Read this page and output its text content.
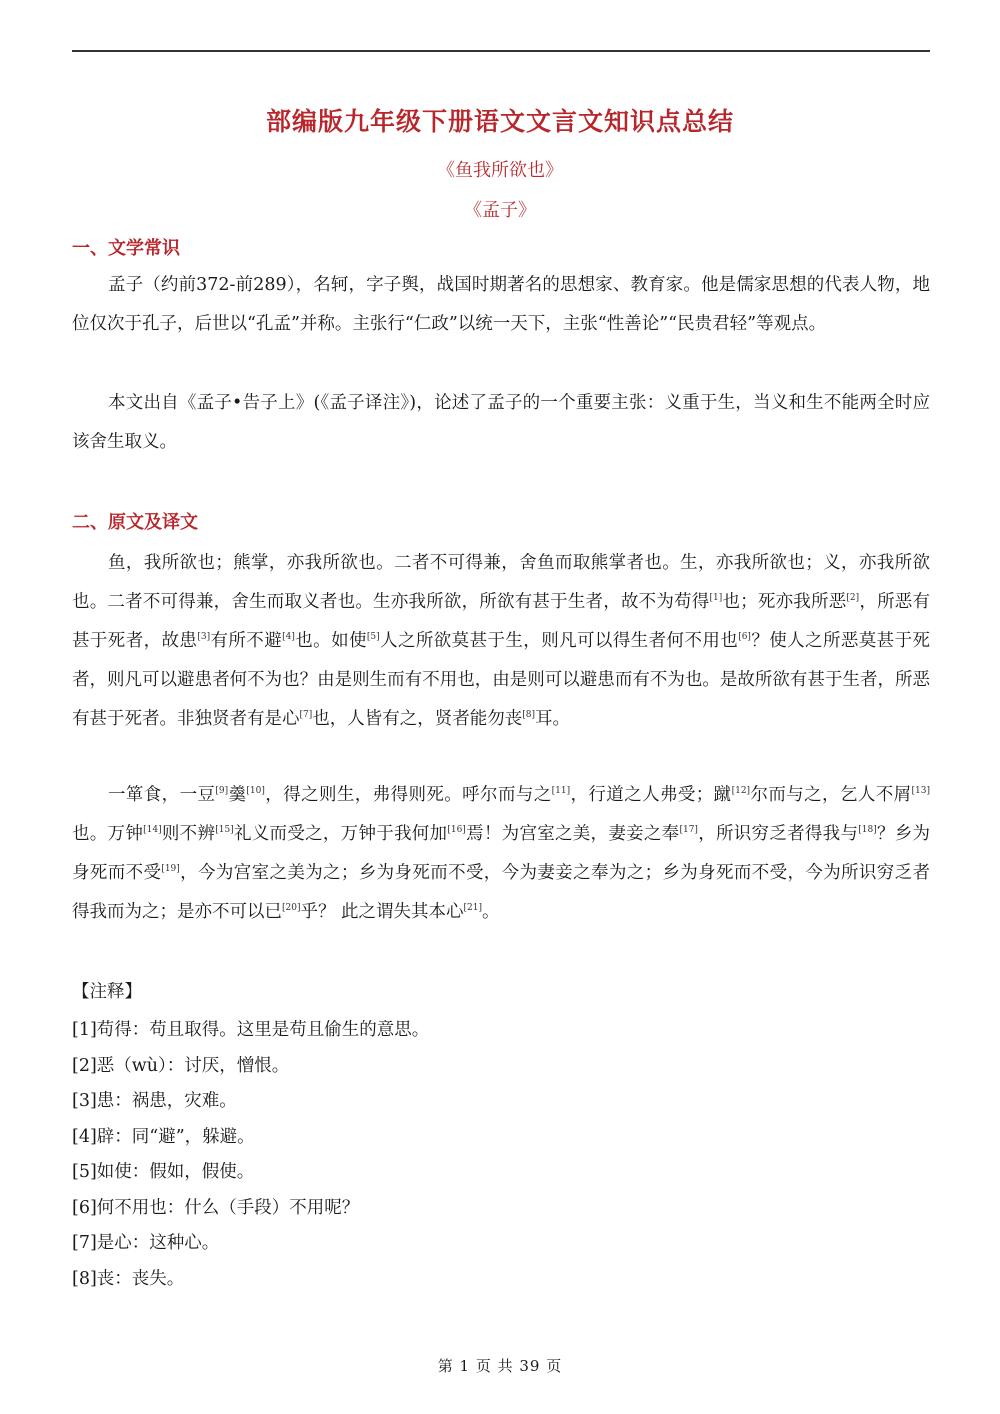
部编版九年级下册语文文言文知识点总结
《鱼我所欲也》
《孟子》
一、文学常识

孟子（约前372-前289），名轲，字子舆，战国时期著名的思想家、教育家。他是儒家思想的代表人物，地位仅次于孔子，后世以“孔孟”并称。主张行“仁政”以统一天下，主张“性善论”“民贵君轻”等观点。

本文出自《孟子•告子上》(《孟子译注》)，论述了孟子的一个重要主张：义重于生，当义和生不能两全时应该舍生取义。

二、原文及译文

鱼，我所欲也；熊掌，亦我所欲也。二者不可得兼，舍鱼而取熊掌者也。生，亦我所欲也；义，亦我所欲也。二者不可得兼，舍生而取义者也。生亦我所欲，所欲有甚于生者，故不为苟得[1]也；死亦我所恶[2]，所恶有甚于死者，故患[3]有所不避[4]也。如使[5]人之所欲莫甚于生，则凡可以得生者何不用也[6]？使人之所恶莫甚于死者，则凡可以避患者何不为也？由是则生而有不用也，由是则可以避患而有不为也。是故所欲有甚于生者，所恶有甚于死者。非独贤者有是心[7]也，人皆有之，贤者能勿丧[8]耳。

一箪食，一豆[9]羹[10]，得之则生，弗得则死。呼尔而与之[11]，行道之人弗受；蹴[12]尔而与之，乞人不屑[13]也。万钟[14]则不辨[15]礼义而受之，万钟于我何加[16]焉！为宫室之美，妻妾之奉[17]，所识穷乏者得我与[18]？乡为身死而不受[19]，今为宫室之美为之；乡为身死而不受，今为妻妾之奉为之；乡为身死而不受，今为所识穷乏者得我而为之；是亦不可以已[20]乎？ 此之谓失其本心[21]。

【注释】
[1]苟得：苟且取得。这里是苟且偷生的意思。
[2]恶（wù）：讨厌，憎恨。
[3]患：祸患，灾难。
[4]辟：同“避”，躲避。
[5]如使：假如，假使。
[6]何不用也：什么（手段）不用呢？
[7]是心：这种心。
[8]丧：丧失。
第 1 页 共 39 页
